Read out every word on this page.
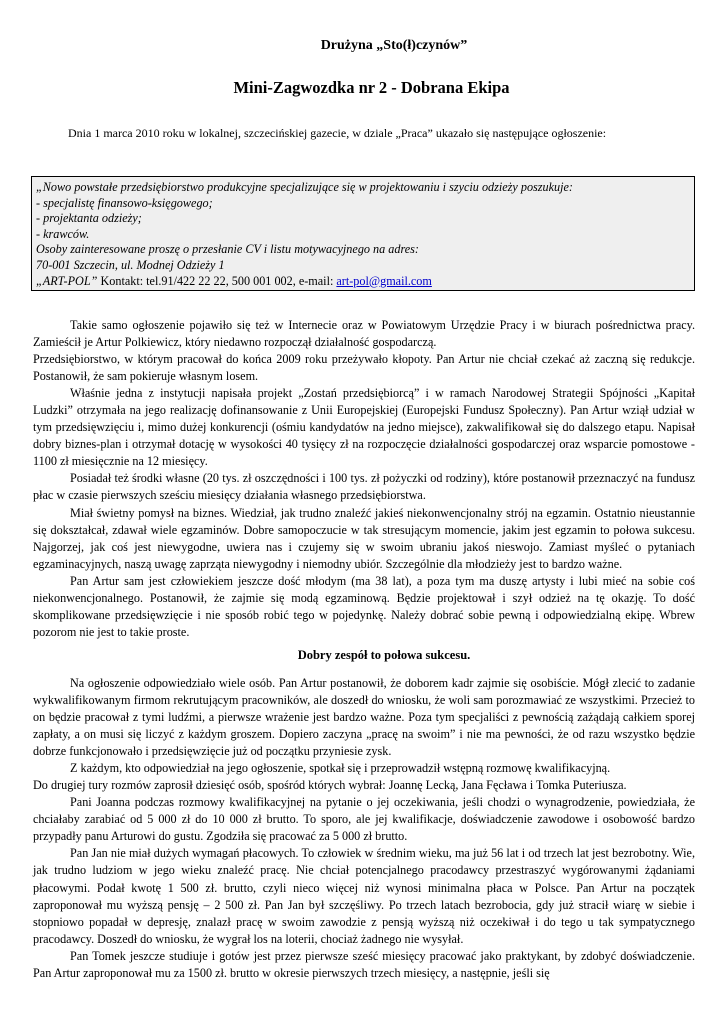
Drużyna „Sto(ł)czynów”
Mini-Zagwozdka nr 2 - Dobrana Ekipa
Dnia 1 marca 2010 roku w lokalnej, szczecińskiej gazecie, w dziale „Praca” ukazało się następujące ogłoszenie:
„Nowo powstałe przedsiębiorstwo produkcyjne specjalizujące się w projektowaniu i szyciu odzieży poszukuje:
- specjalistę finansowo-księgowego;
- projektanta odzieży;
- krawców.
Osoby zainteresowane proszę o przesłanie CV i listu motywacyjnego na adres:
70-001 Szczecin, ul. Modnej Odzieży 1
„ART-POL” Kontakt: tel.91/422 22 22, 500 001 002, e-mail: art-pol@gmail.com

Takie samo ogłoszenie pojawiło się też w Internecie oraz w Powiatowym Urzędzie Pracy i w biurach pośrednictwa pracy. Zamieścił je Artur Polkiewicz, który niedawno rozpoczął działalność gospodarczą.

Przedsiębiorstwo, w którym pracował do końca 2009 roku przeżywało kłopoty. Pan Artur nie chciał czekać aż zaczną się redukcje. Postanowił, że sam pokieruje własnym losem.

Właśnie jedna z instytucji napisała projekt „Zostań przedsiębiorcą” i w ramach Narodowej Strategii Spójności „Kapitał Ludzki” otrzymała na jego realizację dofinansowanie z Unii Europejskiej (Europejski Fundusz Społeczny). Pan Artur wziął udział w tym przedsięwzięciu i, mimo dużej konkurencji (ośmiu kandydatów na jedno miejsce), zakwalifikował się do dalszego etapu. Napisał dobry biznes-plan i otrzymał dotację w wysokości 40 tysięcy zł na rozpoczęcie działalności gospodarczej oraz wsparcie pomostowe - 1100 zł miesięcznie na 12 miesięcy.

Posiadał też środki własne (20 tys. zł oszczędności i 100 tys. zł pożyczki od rodziny), które postanowił przeznaczyć na fundusz płac w czasie pierwszych sześciu miesięcy działania własnego przedsiębiorstwa.

Miał świetny pomysł na biznes. Wiedział, jak trudno znaleźć jakieś niekonwencjonalny strój na egzamin. Ostatnio nieustannie się dokształcał, zdawał wiele egzaminów. Dobre samopoczucie w tak stresującym momencie, jakim jest egzamin to połowa sukcesu. Najgorzej, jak coś jest niewygodne, uwiera nas i czujemy się w swoim ubraniu jakoś nieswojo. Zamiast myśleć o pytaniach egzaminacyjnych, naszą uwagę zaprząta niewygodny i niemodny ubiór. Szczególnie dla młodzieży jest to bardzo ważne.

Pan Artur sam jest człowiekiem jeszcze dość młodym (ma 38 lat), a poza tym ma duszę artysty i lubi mieć na sobie coś niekonwencjonalnego. Postanowił, że zajmie się modą egzaminową. Będzie projektował i szył odzież na tę okazję. To dość skomplikowane przedsięwzięcie i nie sposób robić tego w pojedynkę. Należy dobrać sobie pewną i odpowiedzialną ekipę. Wbrew pozorom nie jest to takie proste.

Dobry zespół to połowa sukcesu.

Na ogłoszenie odpowiedziało wiele osób. Pan Artur postanowił, że doborem kadr zajmie się osobiście. Mógł zlecić to zadanie wykwalifikowanym firmom rekrutującym pracowników, ale doszedł do wniosku, że woli sam porozmawiać ze wszystkimi. Przecież to on będzie pracował z tymi ludźmi, a pierwsze wrażenie jest bardzo ważne. Poza tym specjaliści z pewnością zażądają całkiem sporej zapłaty, a on musi się liczyć z każdym groszem. Dopiero zaczyna „pracę na swoim” i nie ma pewności, że od razu wszystko będzie dobrze funkcjonowało i przedsięwzięcie już od początku przyniesie zysk.

Z każdym, kto odpowiedział na jego ogłoszenie, spotkał się i przeprowadził wstępną rozmowę kwalifikacyjną.

Do drugiej tury rozmów zaprosił dziesięć osób, spośród których wybrał: Joannę Lecką, Jana Fęcława i Tomka Puteriusza.

Pani Joanna podczas rozmowy kwalifikacyjnej na pytanie o jej oczekiwania, jeśli chodzi o wynagrodzenie, powiedziała, że chciałaby zarabiać od 5 000 zł do 10 000 zł brutto. To sporo, ale jej kwalifikacje, doświadczenie zawodowe i osobowość bardzo przypadły panu Arturowi do gustu. Zgodziła się pracować za 5 000 zł brutto.

Pan Jan nie miał dużych wymagań płacowych. To człowiek w średnim wieku, ma już 56 lat i od trzech lat jest bezrobotny. Wie, jak trudno ludziom w jego wieku znaleźć pracę. Nie chciał potencjalnego pracodawcy przestraszyć wygórowanymi żądaniami płacowymi. Podał kwotę 1 500 zł. brutto, czyli nieco więcej niż wynosi minimalna płaca w Polsce. Pan Artur na początek zaproponował mu wyższą pensję – 2 500 zł. Pan Jan był szczęśliwy. Po trzech latach bezrobocia, gdy już stracił wiarę w siebie i stopniowo popadał w depresję, znalazł pracę w swoim zawodzie z pensją wyższą niż oczekiwał i do tego u tak sympatycznego pracodawcy. Doszedł do wniosku, że wygrał los na loterii, chociaż żadnego nie wysyłał.

Pan Tomek jeszcze studiuje i gotów jest przez pierwsze sześć miesięcy pracować jako praktykant, by zdobyć doświadczenie. Pan Artur zaproponował mu za 1500 zł. brutto w okresie pierwszych trzech miesięcy, a następnie, jeśli się
